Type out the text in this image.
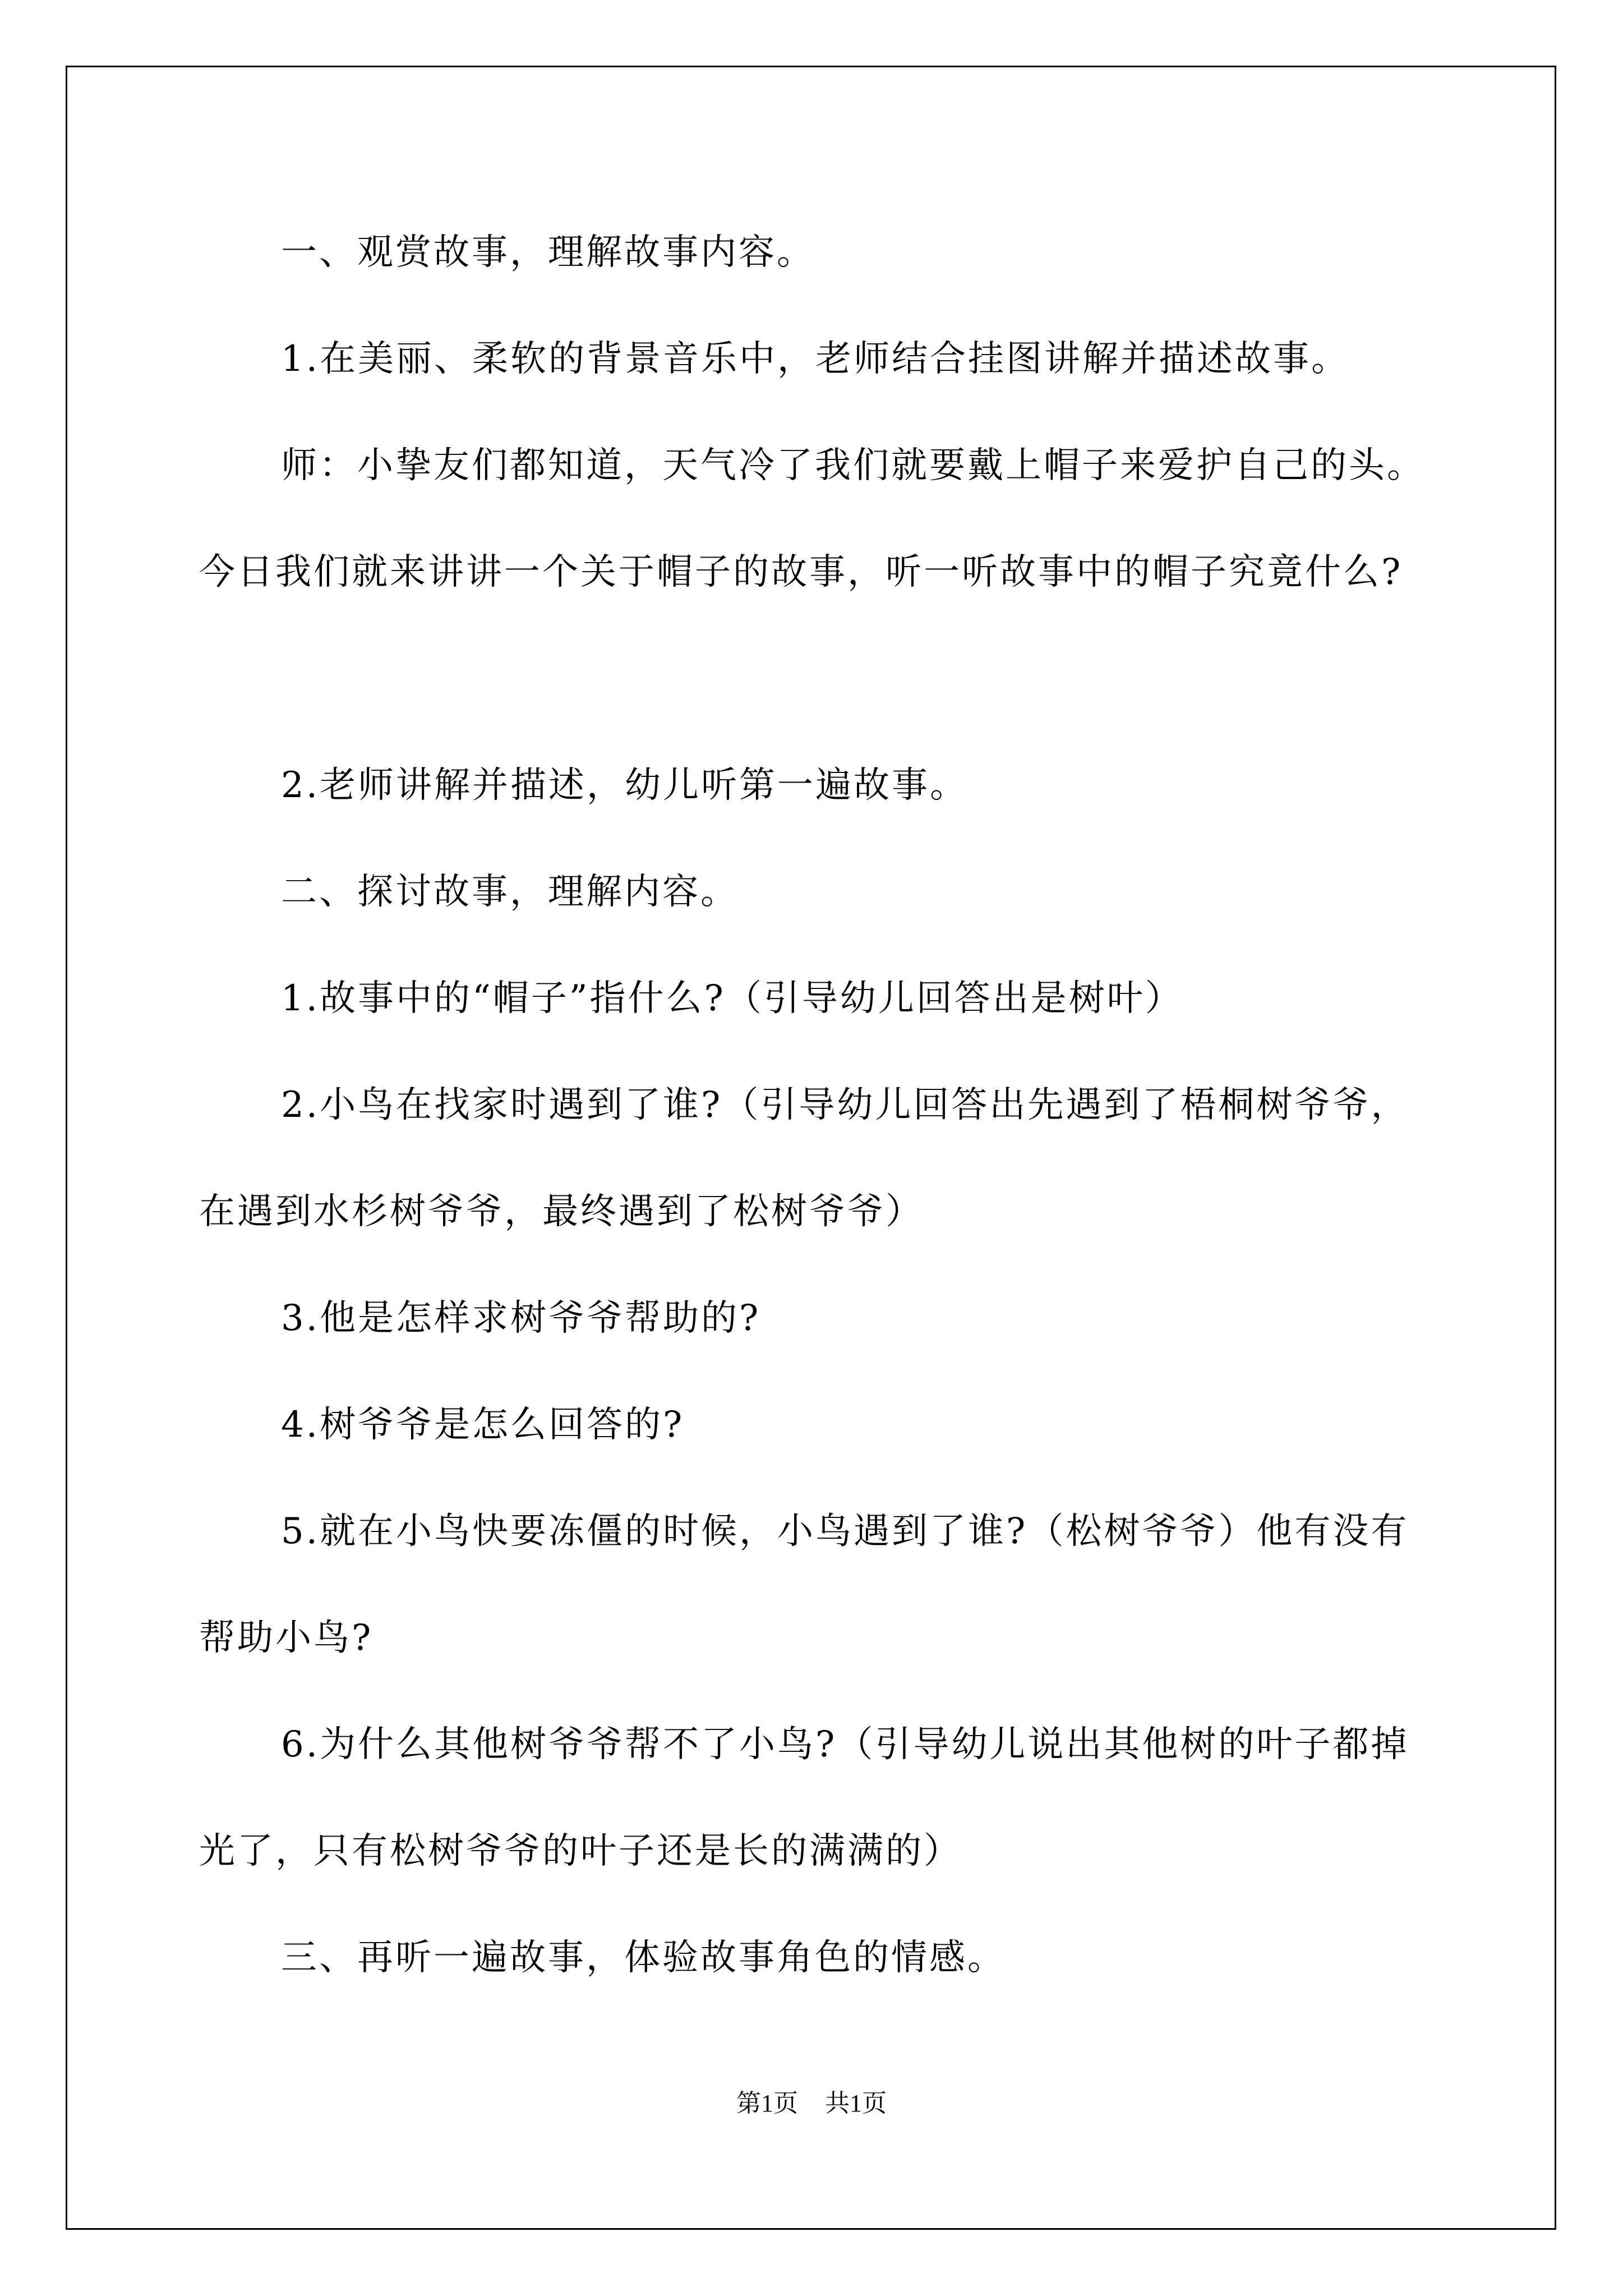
一、观赏故事，理解故事内容。

1.在美丽、柔软的背景音乐中，老师结合挂图讲解并描述故事。

师：小挚友们都知道，天气冷了我们就要戴上帽子来爱护自己的头。今日我们就来讲讲一个关于帽子的故事，听一听故事中的帽子究竟什么?

2.老师讲解并描述，幼儿听第一遍故事。

二、探讨故事，理解内容。

1.故事中的“帽子”指什么?（引导幼儿回答出是树叶）

2.小鸟在找家时遇到了谁?（引导幼儿回答出先遇到了梧桐树爷爷，在遇到水杉树爷爷，最终遇到了松树爷爷）

3.他是怎样求树爷爷帮助的?

4.树爷爷是怎么回答的?

5.就在小鸟快要冻僵的时候，小鸟遇到了谁?（松树爷爷）他有没有帮助小鸟?

6.为什么其他树爷爷帮不了小鸟?（引导幼儿说出其他树的叶子都掉光了，只有松树爷爷的叶子还是长的满满的）

三、再听一遍故事，体验故事角色的情感。

第1页 共1页
